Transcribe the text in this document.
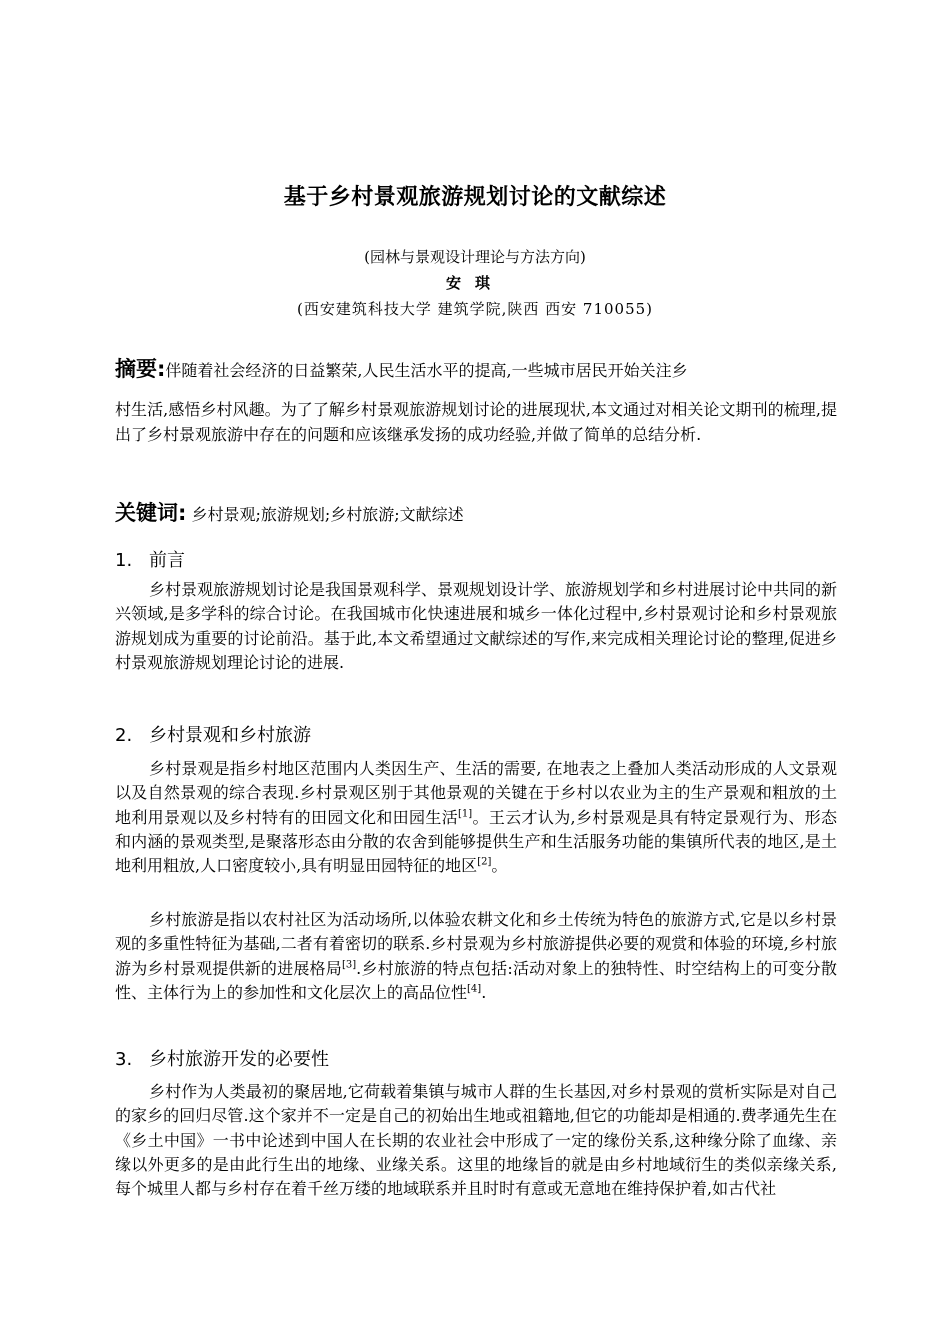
基于乡村景观旅游规划讨论的文献综述
(园林与景观设计理论与方法方向)
安琪
(西安建筑科技大学 建筑学院,陕西 西安 710055)
摘要:伴随着社会经济的日益繁荣,人民生活水平的提高,一些城市居民开始关注乡
村生活,感悟乡村风趣。为了了解乡村景观旅游规划讨论的进展现状,本文通过对相关论文期刊的梳理,提出了乡村景观旅游中存在的问题和应该继承发扬的成功经验,并做了简单的总结分析.
关键词: 乡村景观;旅游规划;乡村旅游;文献综述
1. 前言
乡村景观旅游规划讨论是我国景观科学、景观规划设计学、旅游规划学和乡村进展讨论中共同的新兴领域,是多学科的综合讨论。在我国城市化快速进展和城乡一体化过程中,乡村景观讨论和乡村景观旅游规划成为重要的讨论前沿。基于此,本文希望通过文献综述的写作,来完成相关理论讨论的整理,促进乡村景观旅游规划理论讨论的进展.
2. 乡村景观和乡村旅游
乡村景观是指乡村地区范围内人类因生产、生活的需要, 在地表之上叠加人类活动形成的人文景观以及自然景观的综合表现.乡村景观区别于其他景观的关键在于乡村以农业为主的生产景观和粗放的土地利用景观以及乡村特有的田园文化和田园生活[1]。王云才认为,乡村景观是具有特定景观行为、形态和内涵的景观类型,是聚落形态由分散的农舍到能够提供生产和生活服务功能的集镇所代表的地区,是土地利用粗放,人口密度较小,具有明显田园特征的地区[2]。
乡村旅游是指以农村社区为活动场所,以体验农耕文化和乡土传统为特色的旅游方式,它是以乡村景观的多重性特征为基础,二者有着密切的联系.乡村景观为乡村旅游提供必要的观赏和体验的环境,乡村旅游为乡村景观提供新的进展格局[3].乡村旅游的特点包括:活动对象上的独特性、时空结构上的可变分散性、主体行为上的参加性和文化层次上的高品位性[4].
3. 乡村旅游开发的必要性
乡村作为人类最初的聚居地,它荷载着集镇与城市人群的生长基因,对乡村景观的赏析实际是对自己的家乡的回归尽管.这个家并不一定是自己的初始出生地或祖籍地,但它的功能却是相通的.费孝通先生在《乡土中国》一书中论述到中国人在长期的农业社会中形成了一定的缘份关系,这种缘分除了血缘、亲缘以外更多的是由此行生出的地缘、业缘关系。这里的地缘旨的就是由乡村地域衍生的类似亲缘关系,每个城里人都与乡村存在着千丝万缕的地域联系并且时时有意或无意地在维持保护着,如古代社
